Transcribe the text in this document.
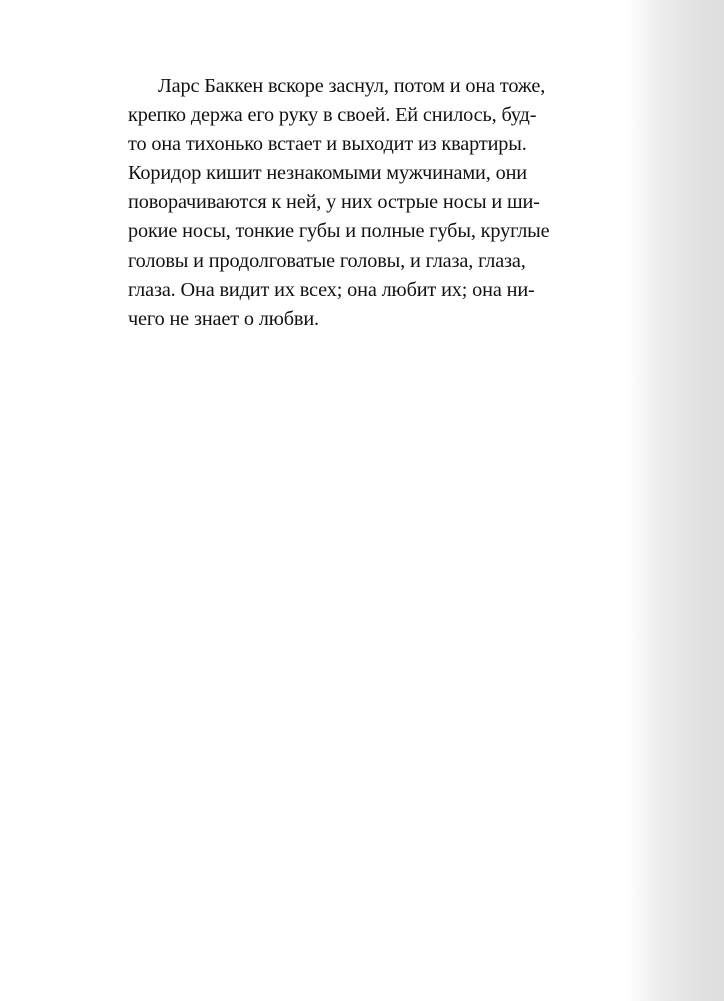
Ларс Баккен вскоре заснул, потом и она тоже,
крепко держа его руку в своей. Ей снилось, буд-
то она тихонько встает и выходит из квартиры.
Коридор кишит незнакомыми мужчинами, они
поворачиваются к ней, у них острые носы и ши-
рокие носы, тонкие губы и полные губы, круглые
головы и продолговатые головы, и глаза, глаза,
глаза. Она видит их всех; она любит их; она ни-
чего не знает о любви.
